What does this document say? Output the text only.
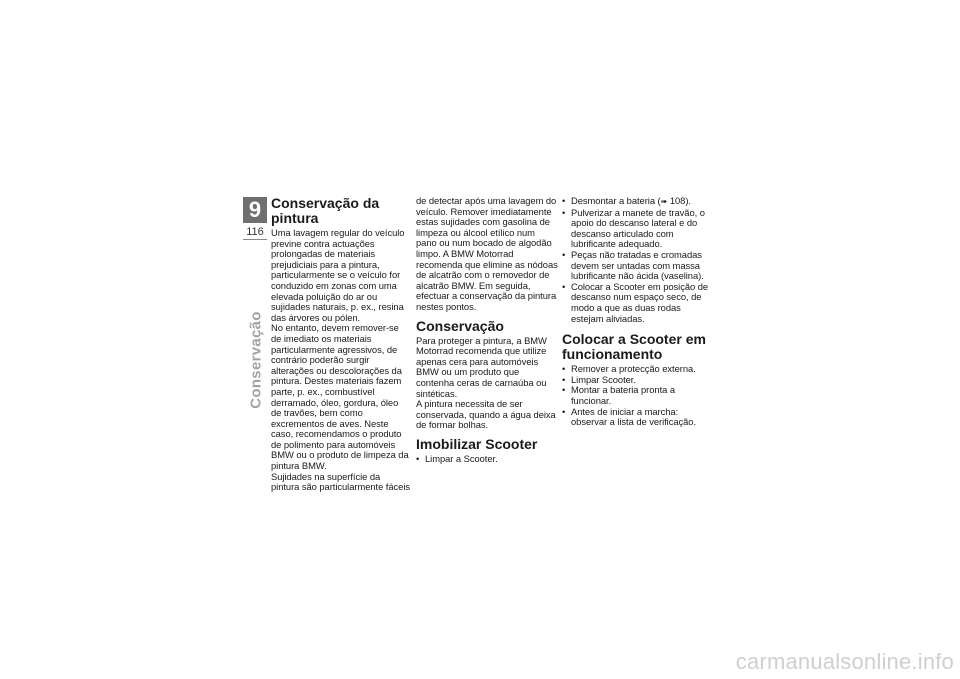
9
116
Conservação
Conservação da pintura

Uma lavagem regular do veículo previne contra actuações prolongadas de materiais prejudiciais para a pintura, particularmente se o veículo for conduzido em zonas com uma elevada poluição do ar ou sujidades naturais, p. ex., resina das árvores ou pólen.

No entanto, devem remover-se de imediato os materiais particularmente agressivos, de contrário poderão surgir alterações ou descolorações da pintura. Destes materiais fazem parte, p. ex., combustível derramado, óleo, gordura, óleo de travões, bem como excrementos de aves. Neste caso, recomendamos o produto de polimento para automóveis BMW ou o produto de limpeza da pintura BMW.

Sujidades na superfície da pintura são particularmente fáceis

de detectar após uma lavagem do veículo. Remover imediatamente estas sujidades com gasolina de limpeza ou álcool etílico num pano ou num bocado de algodão limpo. A BMW Motorrad recomenda que elimine as nódoas de alcatrão com o removedor de alcatrão BMW. Em seguida, efectuar a conservação da pintura nestes pontos.

Conservação

Para proteger a pintura, a BMW Motorrad recomenda que utilize apenas cera para automóveis BMW ou um produto que contenha ceras de carnaúba ou sintéticas.

A pintura necessita de ser conservada, quando a água deixa de formar bolhas.

Imobilizar Scooter
• Limpar a Scooter.
• Desmontar a bateria (➠ 108).
• Pulverizar a manete de travão, o apoio do descanso lateral e do descanso articulado com lubrificante adequado.
• Peças não tratadas e cromadas devem ser untadas com massa lubrificante não ácida (vaselina).
• Colocar a Scooter em posição de descanso num espaço seco, de modo a que as duas rodas estejam aliviadas.
Colocar a Scooter em funcionamento
• Remover a protecção externa.
• Limpar Scooter.
• Montar a bateria pronta a funcionar.
• Antes de iniciar a marcha: observar a lista de verificação.
carmanualsonline.info
